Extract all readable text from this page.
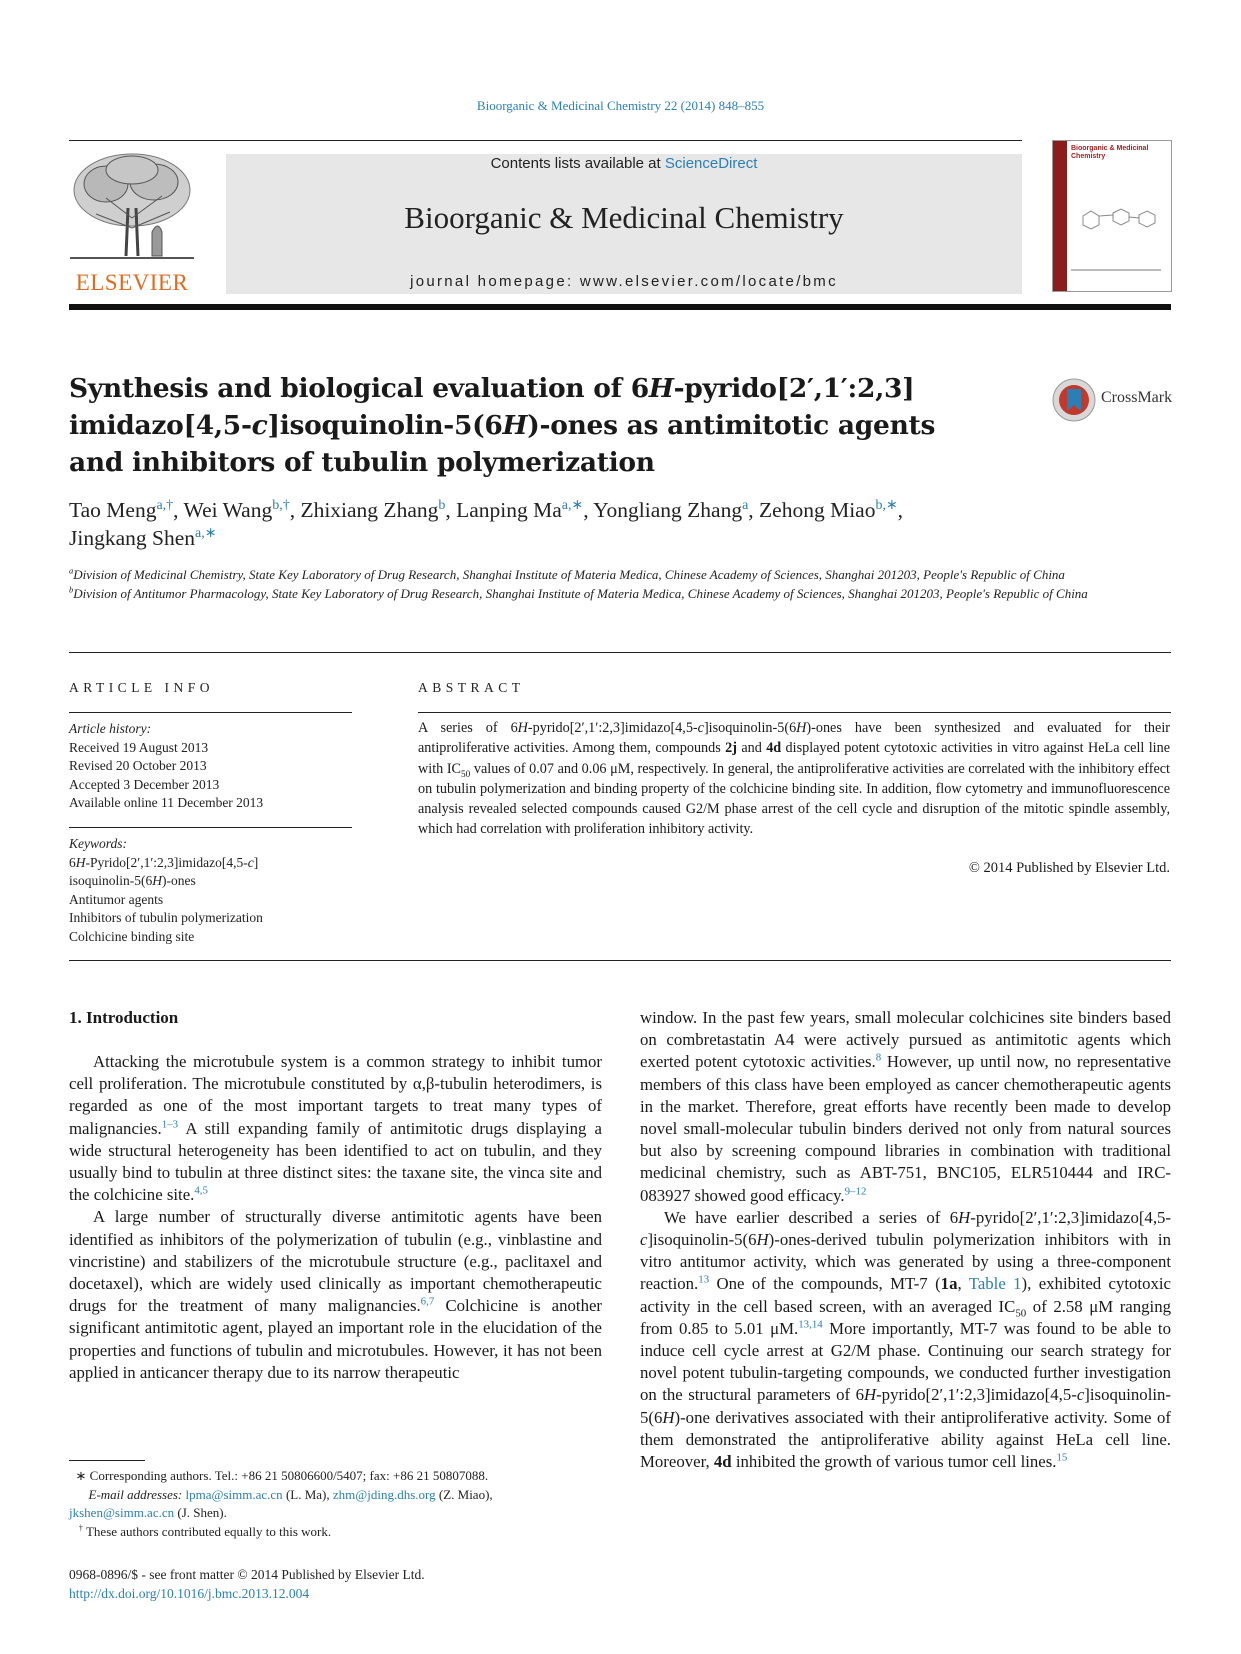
Bioorganic & Medicinal Chemistry 22 (2014) 848–855
ELSEVIER
Contents lists available at ScienceDirect
Bioorganic & Medicinal Chemistry
journal homepage: www.elsevier.com/locate/bmc
Bioorganic & Medicinal Chemistry
Synthesis and biological evaluation of 6H-pyrido[2′,1′:2,3]
imidazo[4,5-c]isoquinolin-5(6H)-ones as antimitotic agents
and inhibitors of tubulin polymerization
CrossMark
Tao Meng$^{a,\dagger}$, Wei Wang$^{b,\dagger}$, Zhixiang Zhang$^b$, Lanping $Ma^{a,∗}$, Yongliang Zhang$^a$, Zehong Miao$^{b,∗}$,
Jingkang Shen$^{a,∗}$

$^a$Division of Medicinal Chemistry, State Key Laboratory of Drug Research, Shanghai Institute of Materia Medica, Chinese Academy of Sciences, Shanghai 201203, People's Republic of China

$^b$Division of Antitumor Pharmacology, State Key Laboratory of Drug Research, Shanghai Institute of Materia Medica, Chinese Academy of Sciences, Shanghai 201203, People's Republic of China

ARTICLE INFO
Article history:
Received 19 August 2013
Revised 20 October 2013
Accepted 3 December 2013
Available online 11 December 2013
Keywords:
6H-Pyrido[2′,1′:2,3]imidazo[4,5-c]
isoquinolin-5(6H)-ones
Antitumor agents
Inhibitors of tubulin polymerization
Colchicine binding site
ABSTRACT
A series of 6H-pyrido[2′,1′:2,3]imidazo[4,5-c]isoquinolin-5(6H)-ones have been synthesized and evaluated for their antiproliferative activities. Among them, compounds 2j and 4d displayed potent cytotoxic activities in vitro against HeLa cell line with $IC_{50}$ values of 0.07 and 0.06 μM, respectively. In general, the antiproliferative activities are correlated with the inhibitory effect on tubulin polymerization and binding property of the colchicine binding site. In addition, flow cytometry and immunofluorescence analysis revealed selected compounds caused G2/M phase arrest of the cell cycle and disruption of the mitotic spindle assembly, which had correlation with proliferation inhibitory activity.
© 2014 Published by Elsevier Ltd.
1. Introduction

Attacking the microtubule system is a common strategy to inhibit tumor cell proliferation. The microtubule constituted by α,β-tubulin heterodimers, is regarded as one of the most important targets to treat many types of malignancies.$^{1-3}$ A still expanding family of antimitotic drugs displaying a wide structural heterogeneity has been identified to act on tubulin, and they usually bind to tubulin at three distinct sites: the taxane site, the vinca site and the colchicine site.$^{4,5}$

A large number of structurally diverse antimitotic agents have been identified as inhibitors of the polymerization of tubulin (e.g., vinblastine and vincristine) and stabilizers of the microtubule structure (e.g., paclitaxel and docetaxel), which are widely used clinically as important chemotherapeutic drugs for the treatment of many malignancies.$^{6,7}$ Colchicine is another significant antimitotic agent, played an important role in the elucidation of the properties and functions of tubulin and microtubules. However, it has not been applied in anticancer therapy due to its narrow therapeutic

window. In the past few years, small molecular colchicines site binders based on combretastatin A4 were actively pursued as antimitotic agents which exerted potent cytotoxic activities.$^8$ However, up until now, no representative members of this class have been employed as cancer chemotherapeutic agents in the market. Therefore, great efforts have recently been made to develop novel small-molecular tubulin binders derived not only from natural sources but also by screening compound libraries in combination with traditional medicinal chemistry, such as ABT-751, BNC105, ELR510444 and IRC-083927 showed good efficacy.$^{9-12}$

We have earlier described a series of 6H-pyrido[2′,1′:2,3]imidazo[4,5-c]isoquinolin-5(6H)-ones-derived tubulin polymerization inhibitors with in vitro antitumor activity, which was generated by using a three-component reaction.$^{13}$ One of the compounds, MT-7 (1a, Table 1), exhibited cytotoxic activity in the cell based screen, with an averaged $IC_{50}$ of 2.58 μM ranging from 0.85 to 5.01 μM.$^{13,14}$ More importantly, MT-7 was found to be able to induce cell cycle arrest at G2/M phase. Continuing our search strategy for novel potent tubulin-targeting compounds, we conducted further investigation on the structural parameters of 6H-pyrido[2′,1′:2,3]imidazo[4,5-c]isoquinolin-5(6H)-one derivatives associated with their antiproliferative activity. Some of them demonstrated the antiproliferative ability against HeLa cell line. Moreover, 4d inhibited the growth of various tumor cell lines.$^{15}$

∗ Corresponding authors. Tel.: +86 21 50806600/5407; fax: +86 21 50807088.

E-mail addresses: lpma@simm.ac.cn (L. Ma), zhm@jding.dhs.org (Z. Miao),
jkshen@simm.ac.cn (J. Shen).

† These authors contributed equally to this work.

0968-0896/$ - see front matter © 2014 Published by Elsevier Ltd.
http://dx.doi.org/10.1016/j.bmc.2013.12.004
